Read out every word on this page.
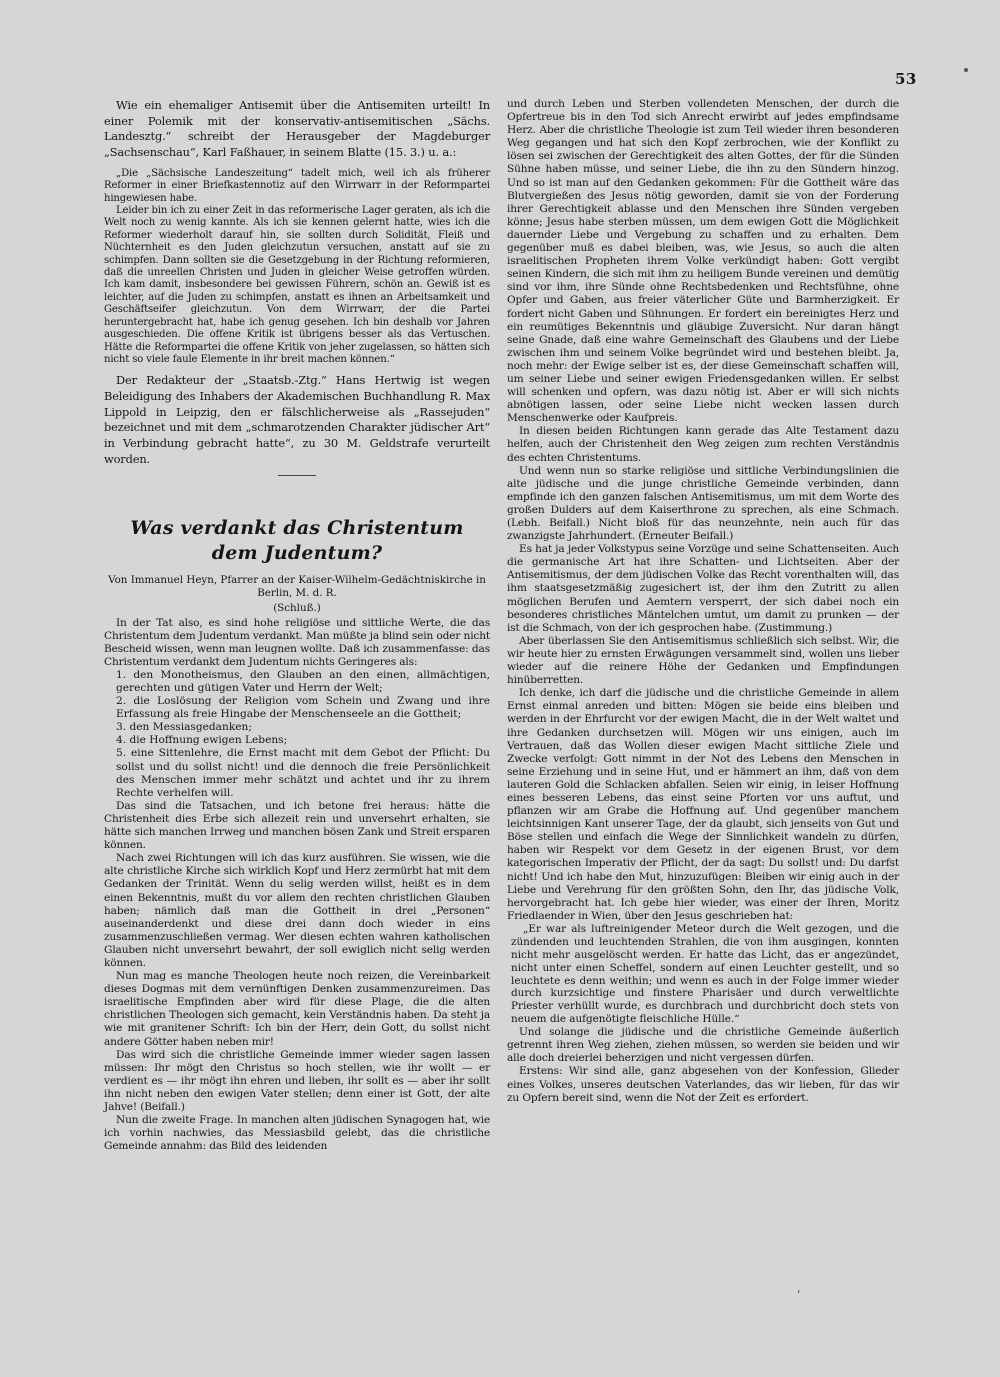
53

Wie ein ehemaliger Antisemit über die Antisemiten urteilt! In einer Polemik mit der konservativ-antisemitischen „Sächs. Landesztg.“ schreibt der Herausgeber der Magdeburger „Sachsenschau“, Karl Faßhauer, in seinem Blatte (15. 3.) u. a.:

„Die „Sächsische Landeszeitung“ tadelt mich, weil ich als früherer Reformer in einer Briefkastennotiz auf den Wirrwarr in der Reformpartei hingewiesen habe.

Leider bin ich zu einer Zeit in das reformerische Lager geraten, als ich die Welt noch zu wenig kannte. Als ich sie kennen gelernt hatte, wies ich die Reformer wiederholt darauf hin, sie sollten durch Solidität, Fleiß und Nüchternheit es den Juden gleichzutun versuchen, anstatt auf sie zu schimpfen. Dann sollten sie die Gesetzgebung in der Richtung reformieren, daß die unreellen Christen und Juden in gleicher Weise getroffen würden. Ich kam damit, insbesondere bei gewissen Führern, schön an. Gewiß ist es leichter, auf die Juden zu schimpfen, anstatt es ihnen an Arbeitsamkeit und Geschäftseifer gleichzutun. Von dem Wirrwarr, der die Partei heruntergebracht hat, habe ich genug gesehen. Ich bin deshalb vor Jahren ausgeschieden. Die offene Kritik ist übrigens besser als das Vertuschen. Hätte die Reformpartei die offene Kritik von jeher zugelassen, so hätten sich nicht so viele faule Elemente in ihr breit machen können.“

Der Redakteur der „Staatsb.-Ztg.“ Hans Hertwig ist wegen Beleidigung des Inhabers der Akademischen Buchhandlung R. Max Lippold in Leipzig, den er fälschlicherweise als „Rassejuden“ bezeichnet und mit dem „schmarotzenden Charakter jüdischer Art“ in Verbindung gebracht hatte“, zu 30 M. Geldstrafe verurteilt worden.

Was verdankt das Christentum dem Judentum?

Von Immanuel Heyn, Pfarrer an der Kaiser-Wilhelm-Gedächtniskirche in Berlin, M. d. R.

(Schluß.)

In der Tat also, es sind hohe religiöse und sittliche Werte, die das Christentum dem Judentum verdankt. Man müßte ja blind sein oder nicht Bescheid wissen, wenn man leugnen wollte. Daß ich zusammenfasse: das Christentum verdankt dem Judentum nichts Geringeres als:

1. den Monotheismus, den Glauben an den einen, allmächtigen, gerechten und gütigen Vater und Herrn der Welt;

2. die Loslösung der Religion vom Schein und Zwang und ihre Erfassung als freie Hingabe der Menschenseele an die Gottheit;

3. den Messiasgedanken;

4. die Hoffnung ewigen Lebens;

5. eine Sittenlehre, die Ernst macht mit dem Gebot der Pflicht: Du sollst und du sollst nicht! und die dennoch die freie Persönlichkeit des Menschen immer mehr schätzt und achtet und ihr zu ihrem Rechte verhelfen will.

Das sind die Tatsachen, und ich betone frei heraus: hätte die Christenheit dies Erbe sich allezeit rein und unversehrt erhalten, sie hätte sich manchen Irrweg und manchen bösen Zank und Streit ersparen können.

Nach zwei Richtungen will ich das kurz ausführen. Sie wissen, wie die alte christliche Kirche sich wirklich Kopf und Herz zermürbt hat mit dem Gedanken der Trinität. Wenn du selig werden willst, heißt es in dem einen Bekenntnis, mußt du vor allem den rechten christlichen Glauben haben; nämlich daß man die Gottheit in drei „Personen“ auseinanderdenkt und diese drei dann doch wieder in eins zusammenzuschließen vermag. Wer diesen echten wahren katholischen Glauben nicht unversehrt bewahrt, der soll ewiglich nicht selig werden können.

Nun mag es manche Theologen heute noch reizen, die Vereinbarkeit dieses Dogmas mit dem vernünftigen Denken zusammenzureimen. Das israelitische Empfinden aber wird für diese Plage, die die alten christlichen Theologen sich gemacht, kein Verständnis haben. Da steht ja wie mit granitener Schrift: Ich bin der Herr, dein Gott, du sollst nicht andere Götter haben neben mir!

Das wird sich die christliche Gemeinde immer wieder sagen lassen müssen: Ihr mögt den Christus so hoch stellen, wie ihr wollt — er verdient es — ihr mögt ihn ehren und lieben, ihr sollt es — aber ihr sollt ihn nicht neben den ewigen Vater stellen; denn einer ist Gott, der alte Jahve! (Beifall.)

Nun die zweite Frage. In manchen alten jüdischen Synagogen hat, wie ich vorhin nachwies, das Messiasbild gelebt, das die christliche Gemeinde annahm: das Bild des leidenden

und durch Leben und Sterben vollendeten Menschen, der durch die Opfertreue bis in den Tod sich Anrecht erwirbt auf jedes empfindsame Herz. Aber die christliche Theologie ist zum Teil wieder ihren besonderen Weg gegangen und hat sich den Kopf zerbrochen, wie der Konflikt zu lösen sei zwischen der Gerechtigkeit des alten Gottes, der für die Sünden Sühne haben müsse, und seiner Liebe, die ihn zu den Sündern hinzog. Und so ist man auf den Gedanken gekommen: Für die Gottheit wäre das Blutvergießen des Jesus nötig geworden, damit sie von der Forderung ihrer Gerechtigkeit ablasse und den Menschen ihre Sünden vergeben könne; Jesus habe sterben müssen, um dem ewigen Gott die Möglichkeit dauernder Liebe und Vergebung zu schaffen und zu erhalten. Dem gegenüber muß es dabei bleiben, was, wie Jesus, so auch die alten israelitischen Propheten ihrem Volke verkündigt haben: Gott vergibt seinen Kindern, die sich mit ihm zu heiligem Bunde vereinen und demütig sind vor ihm, ihre Sünde ohne Rechtsbedenken und Rechtsfühne, ohne Opfer und Gaben, aus freier väterlicher Güte und Barmherzigkeit. Er fordert nicht Gaben und Sühnungen. Er fordert ein bereinigtes Herz und ein reumütiges Bekenntnis und gläubige Zuversicht. Nur daran hängt seine Gnade, daß eine wahre Gemeinschaft des Glaubens und der Liebe zwischen ihm und seinem Volke begründet wird und bestehen bleibt. Ja, noch mehr: der Ewige selber ist es, der diese Gemeinschaft schaffen will, um seiner Liebe und seiner ewigen Friedensgedanken willen. Er selbst will schenken und opfern, was dazu nötig ist. Aber er will sich nichts abnötigen lassen, oder seine Liebe nicht wecken lassen durch Menschenwerke oder Kaufpreis.

In diesen beiden Richtungen kann gerade das Alte Testament dazu helfen, auch der Christenheit den Weg zeigen zum rechten Verständnis des echten Christentums.

Und wenn nun so starke religiöse und sittliche Verbindungslinien die alte jüdische und die junge christliche Gemeinde verbinden, dann empfinde ich den ganzen falschen Antisemitismus, um mit dem Worte des großen Dulders auf dem Kaiserthrone zu sprechen, als eine Schmach. (Lebh. Beifall.) Nicht bloß für das neunzehnte, nein auch für das zwanzigste Jahrhundert. (Erneuter Beifall.)

Es hat ja jeder Volkstypus seine Vorzüge und seine Schattenseiten. Auch die germanische Art hat ihre Schatten- und Lichtseiten. Aber der Antisemitismus, der dem jüdischen Volke das Recht vorenthalten will, das ihm staatsgesetzmäßig zugesichert ist, der ihm den Zutritt zu allen möglichen Berufen und Aemtern versperrt, der sich dabei noch ein besonderes christliches Mäntelchen umtut, um damit zu prunken — der ist die Schmach, von der ich gesprochen habe. (Zustimmung.)

Aber überlassen Sie den Antisemitismus schließlich sich selbst. Wir, die wir heute hier zu ernsten Erwägungen versammelt sind, wollen uns lieber wieder auf die reinere Höhe der Gedanken und Empfindungen hinüberretten.

Ich denke, ich darf die jüdische und die christliche Gemeinde in allem Ernst einmal anreden und bitten: Mögen sie beide eins bleiben und werden in der Ehrfurcht vor der ewigen Macht, die in der Welt waltet und ihre Gedanken durchsetzen will. Mögen wir uns einigen, auch im Vertrauen, daß das Wollen dieser ewigen Macht sittliche Ziele und Zwecke verfolgt: Gott nimmt in der Not des Lebens den Menschen in seine Erziehung und in seine Hut, und er hämmert an ihm, daß von dem lauteren Gold die Schlacken abfallen. Seien wir einig, in leiser Hoffnung eines besseren Lebens, das einst seine Pforten vor uns auftut, und pflanzen wir am Grabe die Hoffnung auf. Und gegenüber manchem leichtsinnigen Kant unserer Tage, der da glaubt, sich jenseits von Gut und Böse stellen und einfach die Wege der Sinnlichkeit wandeln zu dürfen, haben wir Respekt vor dem Gesetz in der eigenen Brust, vor dem kategorischen Imperativ der Pflicht, der da sagt: Du sollst! und: Du darfst nicht! Und ich habe den Mut, hinzuzufügen: Bleiben wir einig auch in der Liebe und Verehrung für den größten Sohn, den Ihr, das jüdische Volk, hervorgebracht hat. Ich gebe hier wieder, was einer der Ihren, Moritz Friedlaender in Wien, über den Jesus geschrieben hat:

„Er war als luftreinigender Meteor durch die Welt gezogen, und die zündenden und leuchtenden Strahlen, die von ihm ausgingen, konnten nicht mehr ausgelöscht werden. Er hatte das Licht, das er angezündet, nicht unter einen Scheffel, sondern auf einen Leuchter gestellt, und so leuchtete es denn weithin; und wenn es auch in der Folge immer wieder durch kurzsichtige und finstere Pharisäer und durch verweltlichte Priester verhüllt wurde, es durchbrach und durchbricht doch stets von neuem die aufgenötigte fleischliche Hülle.“

Und solange die jüdische und die christliche Gemeinde äußerlich getrennt ihren Weg ziehen, ziehen müssen, so werden sie beiden und wir alle doch dreierlei beherzigen und nicht vergessen dürfen.

Erstens: Wir sind alle, ganz abgesehen von der Konfession, Glieder eines Volkes, unseres deutschen Vaterlandes, das wir lieben, für das wir zu Opfern bereit sind, wenn die Not der Zeit es erfordert.

’
